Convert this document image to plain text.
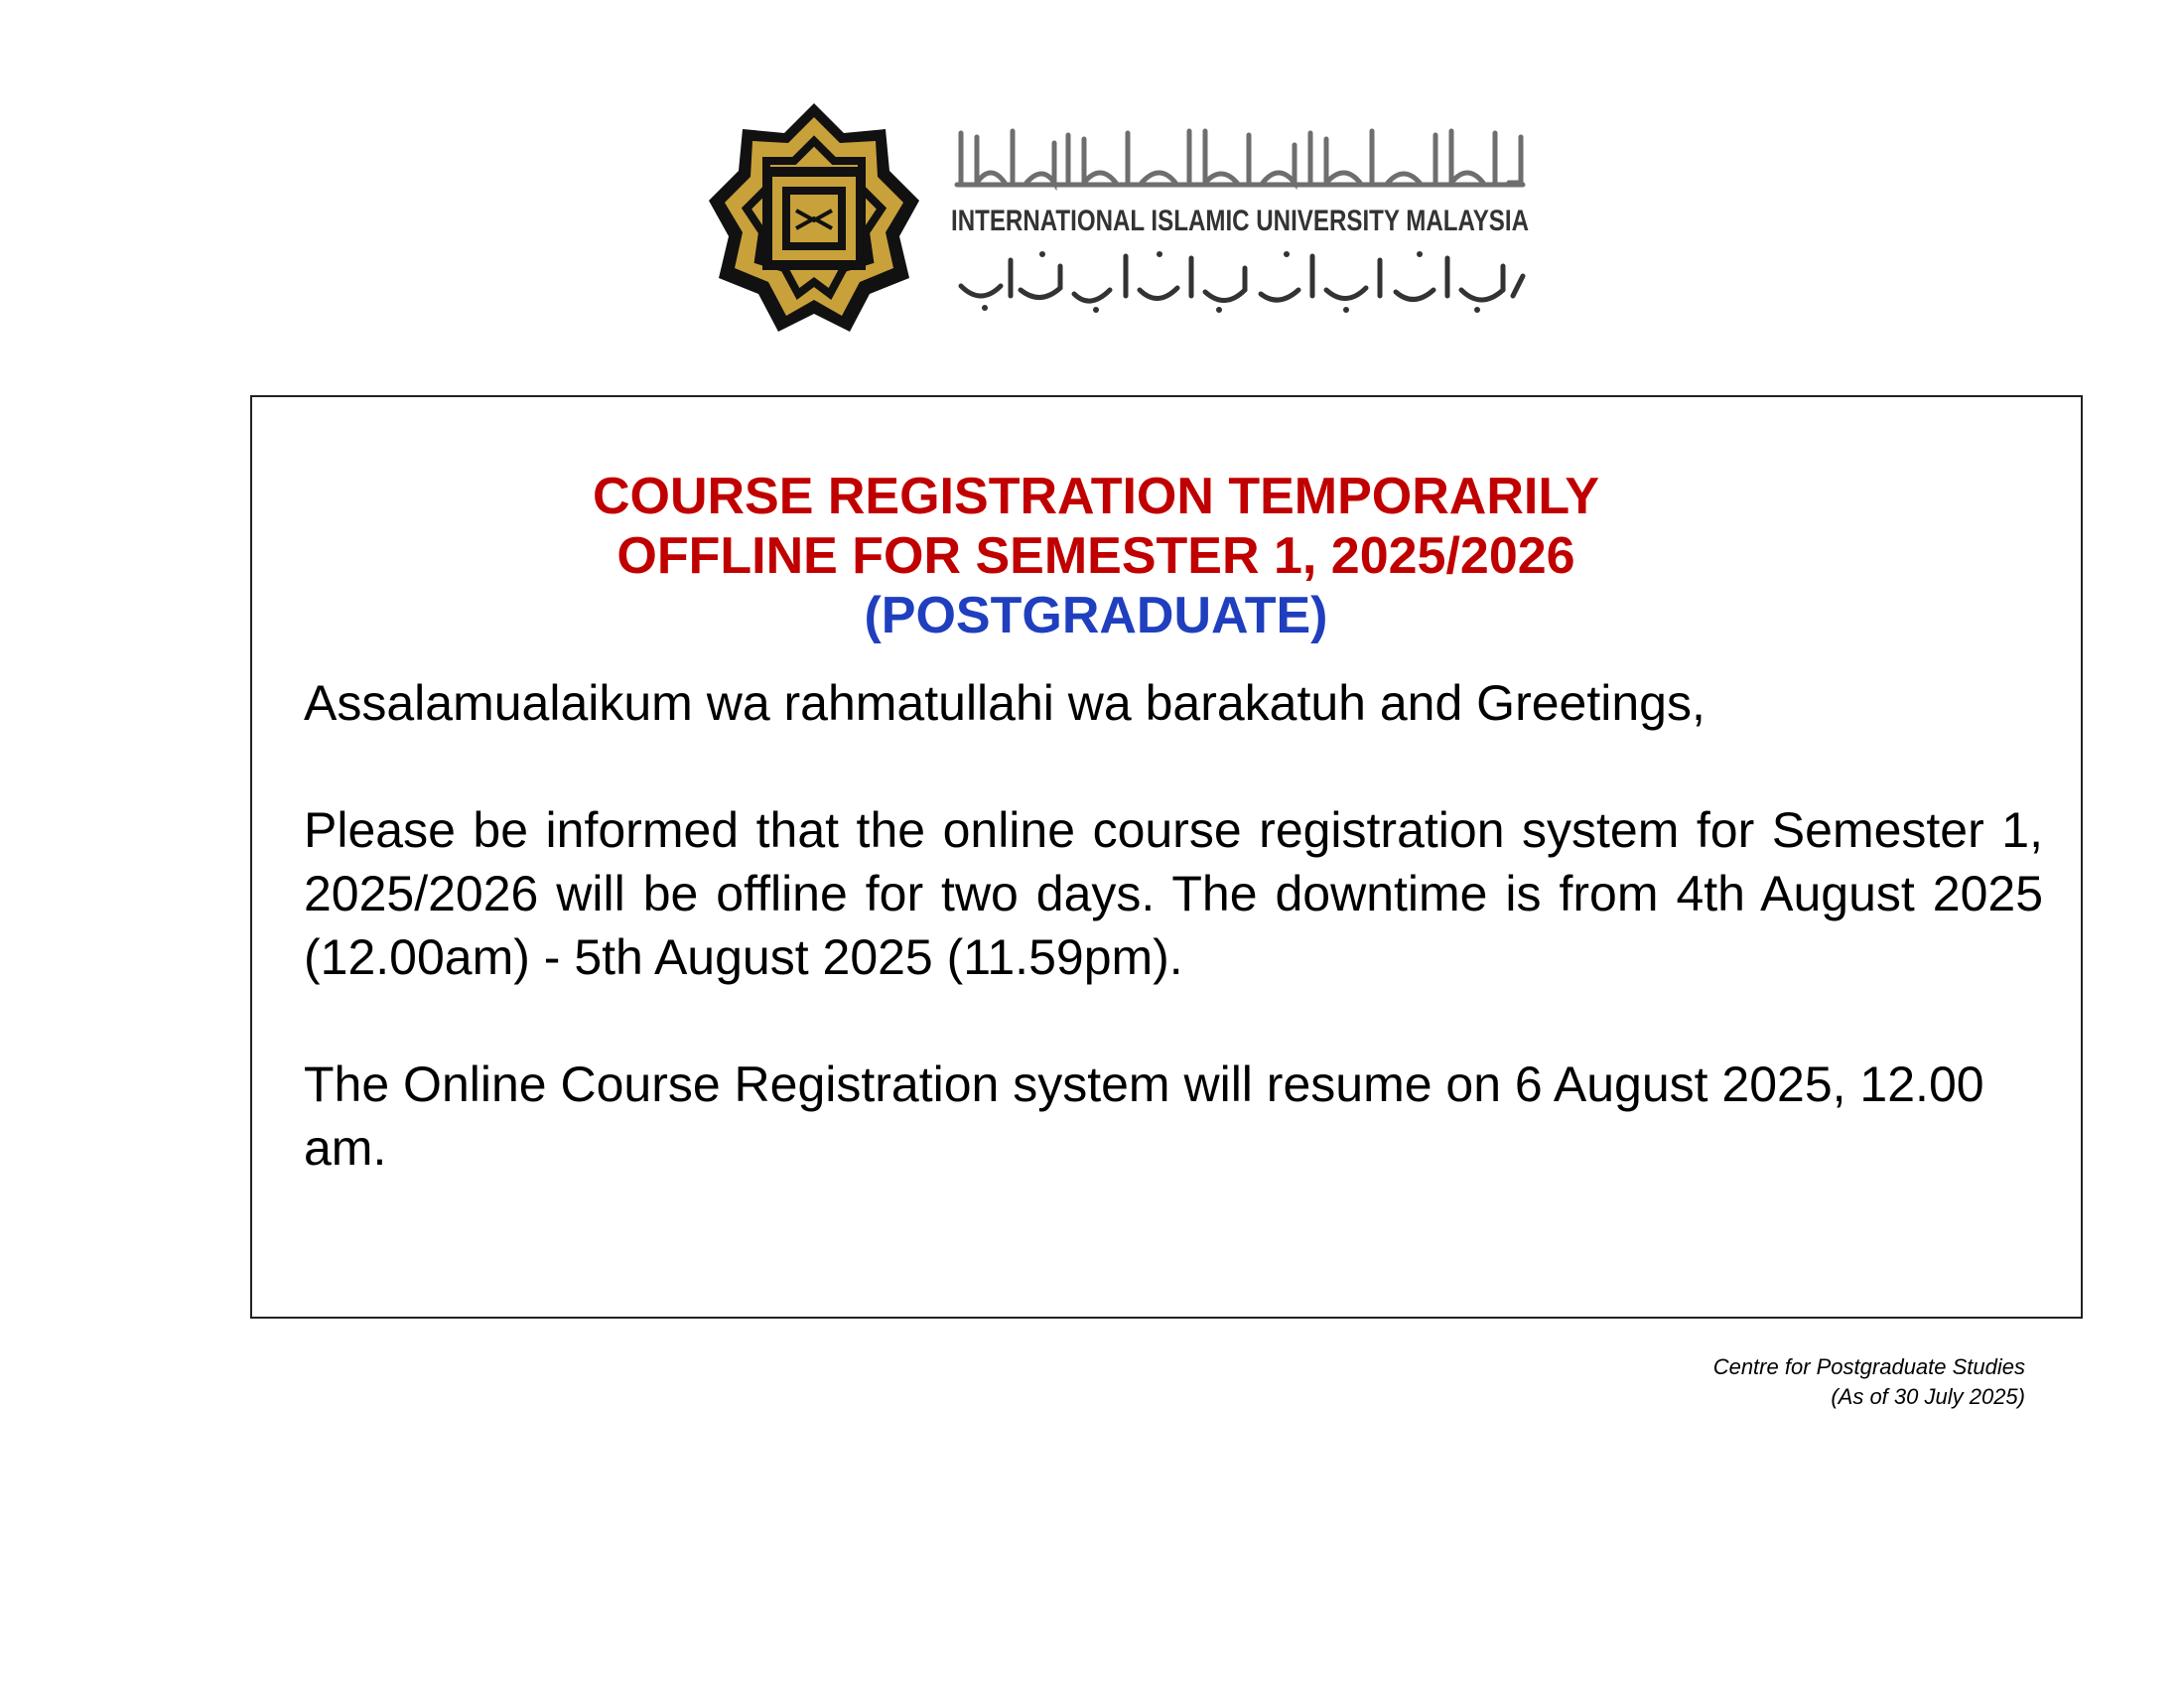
INTERNATIONAL ISLAMIC UNIVERSITY MALAYSIA
COURSE REGISTRATION TEMPORARILY
OFFLINE FOR SEMESTER 1, 2025/2026
(POSTGRADUATE)

Assalamualaikum wa rahmatullahi wa barakatuh and Greetings,

Please be informed that the online course registration system for Semester 1, 2025/2026 will be offline for two days. The downtime is from 4th August 2025 (12.00am) - 5th August 2025 (11.59pm).

The Online Course Registration system will resume on 6 August 2025, 12.00 am.

Centre for Postgraduate Studies
(As of 30 July 2025)
